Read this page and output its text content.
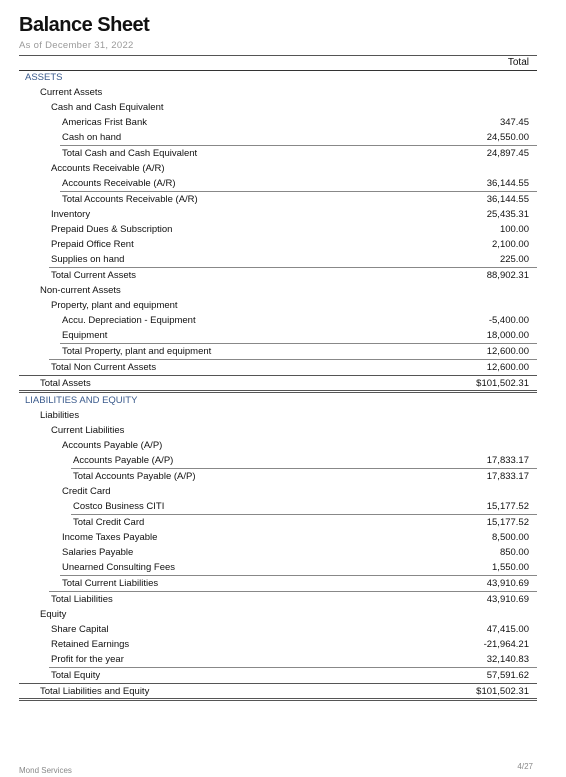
Balance Sheet
As of December 31, 2022
Total
ASSETS
Current Assets
Cash and Cash Equivalent
Americas Frist Bank	347.45
Cash on hand	24,550.00
Total Cash and Cash Equivalent	24,897.45
Accounts Receivable (A/R)
Accounts Receivable (A/R)	36,144.55
Total Accounts Receivable (A/R)	36,144.55
Inventory	25,435.31
Prepaid Dues & Subscription	100.00
Prepaid Office Rent	2,100.00
Supplies on hand	225.00
Total Current Assets	88,902.31
Non-current Assets
Property, plant and equipment
Accu. Depreciation - Equipment	-5,400.00
Equipment	18,000.00
Total Property, plant and equipment	12,600.00
Total Non Current Assets	12,600.00
Total Assets	$101,502.31
LIABILITIES AND EQUITY
Liabilities
Current Liabilities
Accounts Payable (A/P)
Accounts Payable (A/P)	17,833.17
Total Accounts Payable (A/P)	17,833.17
Credit Card
Costco Business CITI	15,177.52
Total Credit Card	15,177.52
Income Taxes Payable	8,500.00
Salaries Payable	850.00
Unearned Consulting Fees	1,550.00
Total Current Liabilities	43,910.69
Total Liabilities	43,910.69
Equity
Share Capital	47,415.00
Retained Earnings	-21,964.21
Profit for the year	32,140.83
Total Equity	57,591.62
Total Liabilities and Equity	$101,502.31
Mond Services	4/27
